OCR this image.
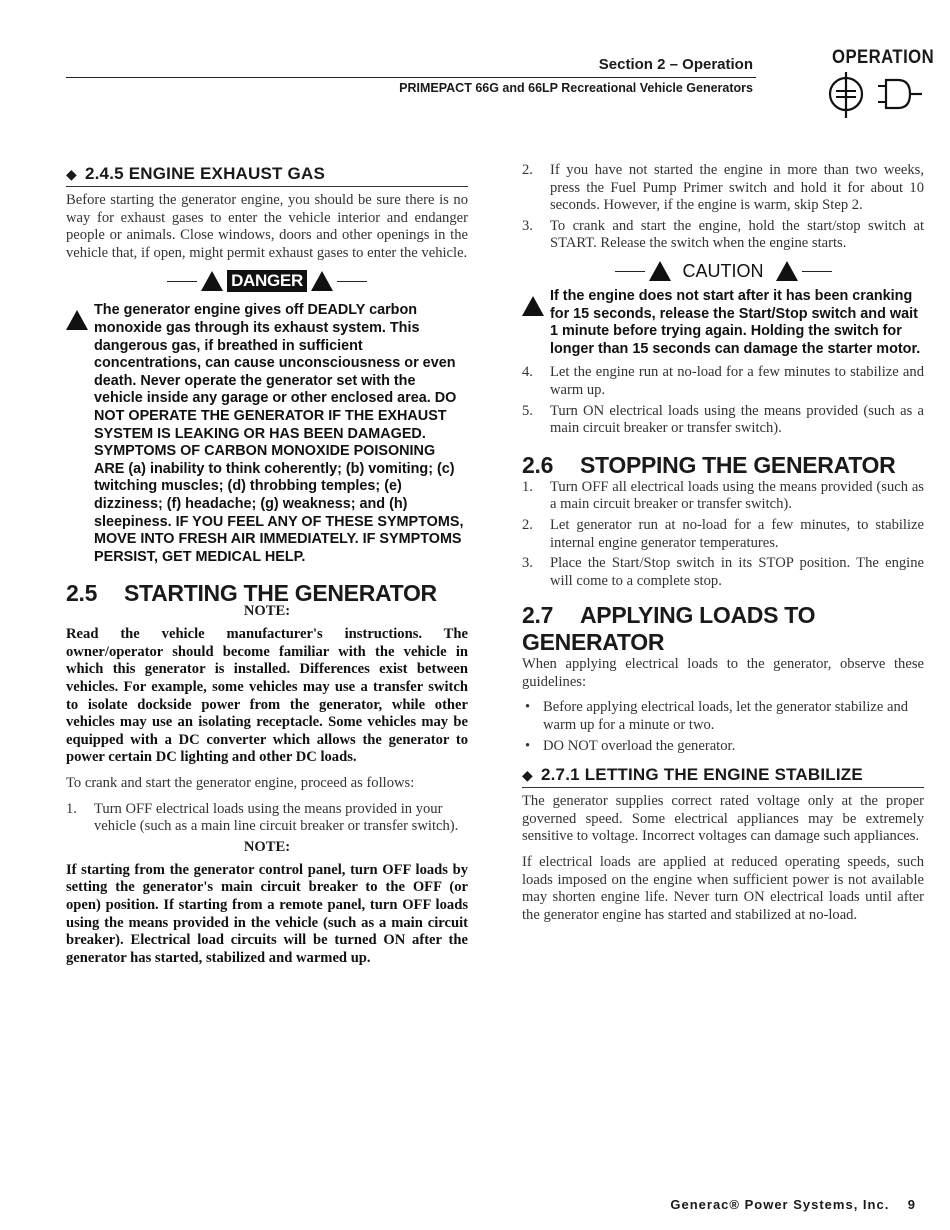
Section 2 – Operation
PRIMEPACT 66G and 66LP Recreational Vehicle Generators
OPERATION
◆ 2.4.5 ENGINE EXHAUST GAS

Before starting the generator engine, you should be sure there is no way for exhaust gases to enter the vehicle interior and endanger people or animals. Close windows, doors and other openings in the vehicle that, if open, might permit exhaust gases to enter the vehicle.

DANGER
The generator engine gives off DEADLY carbon monoxide gas through its exhaust system. This dangerous gas, if breathed in sufficient concentrations, can cause unconsciousness or even death. Never operate the generator set with the vehicle inside any garage or other enclosed area. DO NOT OPERATE THE GENERATOR IF THE EXHAUST SYSTEM IS LEAKING OR HAS BEEN DAMAGED. SYMPTOMS OF CARBON MONOXIDE POISONING ARE (a) inability to think coherently; (b) vomiting; (c) twitching muscles; (d) throbbing temples; (e) dizziness; (f) headache; (g) weakness; and (h) sleepiness. IF YOU FEEL ANY OF THESE SYMPTOMS, MOVE INTO FRESH AIR IMMEDIATELY. IF SYMPTOMS PERSIST, GET MEDICAL HELP.
2.5 STARTING THE GENERATOR
NOTE:

Read the vehicle manufacturer's instructions. The owner/operator should become familiar with the vehicle in which this generator is installed. Differences exist between vehicles. For example, some vehicles may use a transfer switch to isolate dockside power from the generator, while other vehicles may use an isolating receptacle. Some vehicles may be equipped with a DC converter which allows the generator to power certain DC lighting and other DC loads.

To crank and start the generator engine, proceed as follows:

1.	Turn OFF electrical loads using the means provided in your vehicle (such as a main line circuit breaker or transfer switch).
NOTE:

If starting from the generator control panel, turn OFF loads by setting the generator's main circuit breaker to the OFF (or open) position. If starting from a remote panel, turn OFF loads using the means provided in the vehicle (such as a main circuit breaker). Electrical load circuits will be turned ON after the generator has started, stabilized and warmed up.

2.	If you have not started the engine in more than two weeks, press the Fuel Pump Primer switch and hold it for about 10 seconds. However, if the engine is warm, skip Step 2.
3.	To crank and start the engine, hold the start/stop switch at START. Release the switch when the engine starts.
CAUTION
If the engine does not start after it has been cranking for 15 seconds, release the Start/Stop switch and wait 1 minute before trying again. Holding the switch for longer than 15 seconds can damage the starter motor.
4.	Let the engine run at no-load for a few minutes to stabilize and warm up.
5.	Turn ON electrical loads using the means provided (such as a main circuit breaker or transfer switch).
2.6 STOPPING THE GENERATOR
1.	Turn OFF all electrical loads using the means provided (such as a main circuit breaker or transfer switch).
2.	Let generator run at no-load for a few minutes, to stabilize internal engine generator temperatures.
3.	Place the Start/Stop switch in its STOP position. The engine will come to a complete stop.
2.7 APPLYING LOADS TO GENERATOR

When applying electrical loads to the generator, observe these guidelines:

• Before applying electrical loads, let the generator stabilize and warm up for a minute or two.
• DO NOT overload the generator.
◆ 2.7.1 LETTING THE ENGINE STABILIZE

The generator supplies correct rated voltage only at the proper governed speed. Some electrical appliances may be extremely sensitive to voltage. Incorrect voltages can damage such appliances.

If electrical loads are applied at reduced operating speeds, such loads imposed on the engine when sufficient power is not available may shorten engine life. Never turn ON electrical loads until after the generator engine has started and stabilized at no-load.

Generac® Power Systems, Inc.    9
